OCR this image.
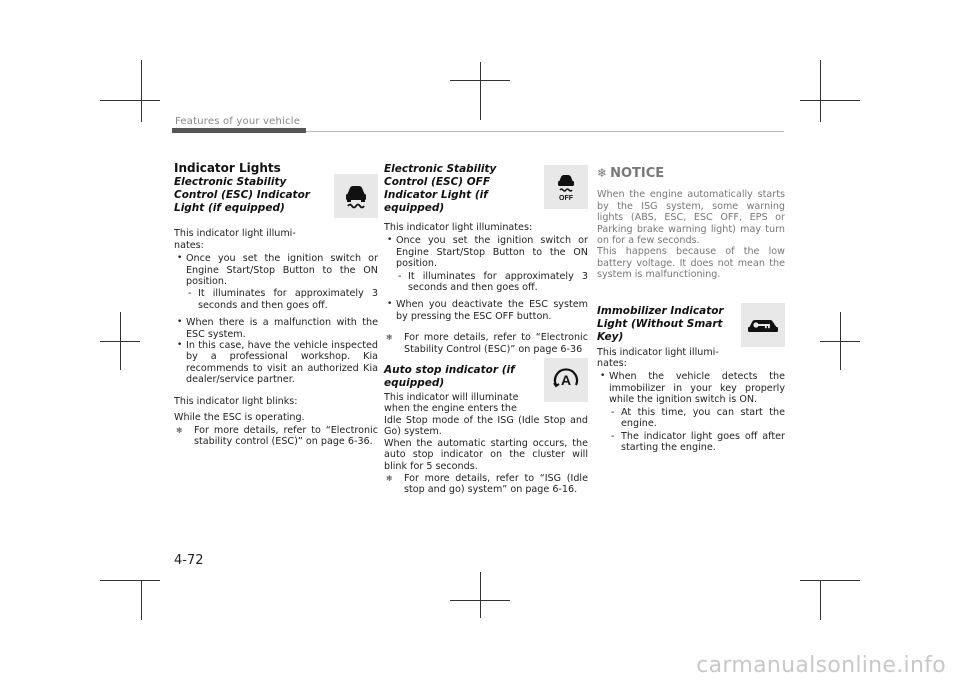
Features of your vehicle
Indicator Lights
Electronic Stability
Control (ESC) Indicator
Light (if equipped)
This indicator light illumi-
nates:
• Once you set the ignition switch or Engine Start/Stop Button to the ON position.
- It illuminates for approximately 3 seconds and then goes off.
• When there is a malfunction with the ESC system.
• In this case, have the vehicle inspected by a professional workshop. Kia recommends to visit an authorized Kia dealer/service partner.
This indicator light blinks:
While the ESC is operating.
❄ For more details, refer to “Electronic stability control (ESC)” on page 6-36.
Electronic Stability
Control (ESC) OFF
Indicator Light (if
equipped)
OFF
This indicator light illuminates:
• Once you set the ignition switch or Engine Start/Stop Button to the ON position.
- It illuminates for approximately 3 seconds and then goes off.
• When you deactivate the ESC system by pressing the ESC OFF button.
❄ For more details, refer to “Electronic Stability Control (ESC)” on page 6-36
Auto stop indicator (if
equipped)	A
This indicator will illuminate
when the engine enters the
Idle Stop mode of the ISG (Idle Stop and Go) system.
When the automatic starting occurs, the auto stop indicator on the cluster will blink for 5 seconds.
❄ For more details, refer to “ISG (Idle stop and go) system” on page 6-16.
❄ NOTICE
When the engine automatically starts by the ISG system, some warning lights (ABS, ESC, ESC OFF, EPS or Parking brake warning light) may turn on for a few seconds.
This happens because of the low battery voltage. It does not mean the system is malfunctioning.
Immobilizer Indicator
Light (Without Smart
Key)
This indicator light illumi-
nates:
• When the vehicle detects the immobilizer in your key properly while the ignition switch is ON.
- At this time, you can start the engine.
- The indicator light goes off after starting the engine.
4-72
carmanualsonline.info
